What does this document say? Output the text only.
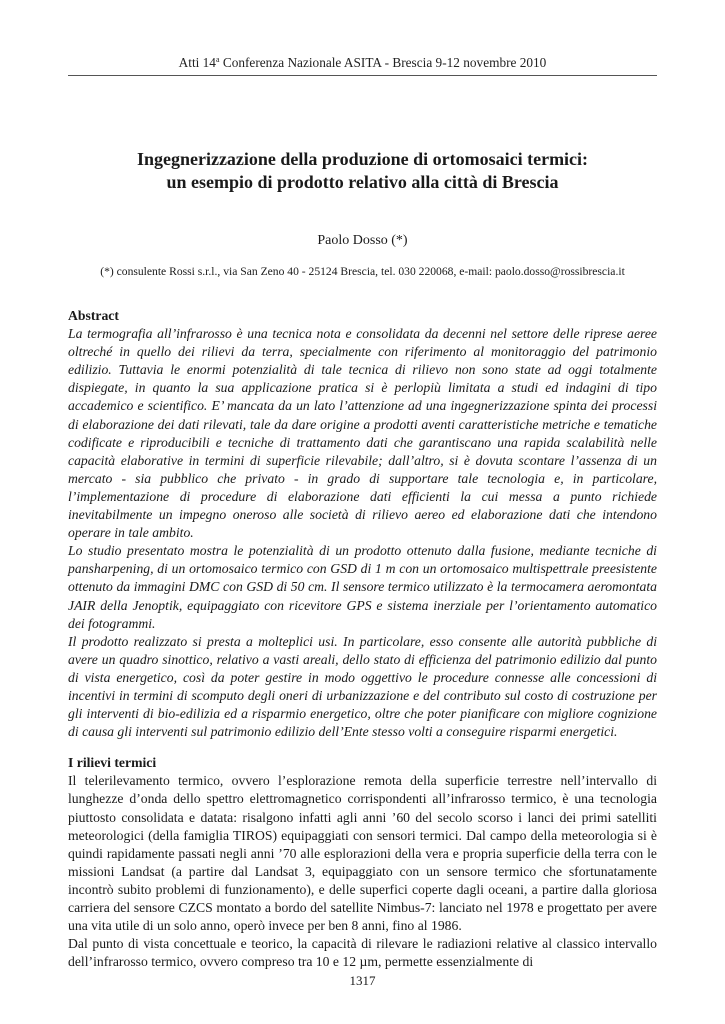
Atti 14$^a$ Conferenza Nazionale ASITA - Brescia 9-12 novembre 2010
Ingegnerizzazione della produzione di ortomosaici termici:
un esempio di prodotto relativo alla città di Brescia
Paolo Dosso (*)
(*) consulente Rossi s.r.l., via San Zeno 40 - 25124 Brescia, tel. 030 220068, e-mail: paolo.dosso@rossibrescia.it
Abstract

La termografia all’infrarosso è una tecnica nota e consolidata da decenni nel settore delle riprese aeree oltreché in quello dei rilievi da terra, specialmente con riferimento al monitoraggio del patrimonio edilizio. Tuttavia le enormi potenzialità di tale tecnica di rilievo non sono state ad oggi totalmente dispiegate, in quanto la sua applicazione pratica si è perlopiù limitata a studi ed indagini di tipo accademico e scientifico. E’ mancata da un lato l’attenzione ad una ingegnerizzazione spinta dei processi di elaborazione dei dati rilevati, tale da dare origine a prodotti aventi caratteristiche metriche e tematiche codificate e riproducibili e tecniche di trattamento dati che garantiscano una rapida scalabilità nelle capacità elaborative in termini di superficie rilevabile; dall’altro, si è dovuta scontare l’assenza di un mercato - sia pubblico che privato - in grado di supportare tale tecnologia e, in particolare, l’implementazione di procedure di elaborazione dati efficienti la cui messa a punto richiede inevitabilmente un impegno oneroso alle società di rilievo aereo ed elaborazione dati che intendono operare in tale ambito.

Lo studio presentato mostra le potenzialità di un prodotto ottenuto dalla fusione, mediante tecniche di pansharpening, di un ortomosaico termico con GSD di 1 m con un ortomosaico multispettrale preesistente ottenuto da immagini DMC con GSD di 50 cm. Il sensore termico utilizzato è la termocamera aeromontata JAIR della Jenoptik, equipaggiato con ricevitore GPS e sistema inerziale per l’orientamento automatico dei fotogrammi.

Il prodotto realizzato si presta a molteplici usi. In particolare, esso consente alle autorità pubbliche di avere un quadro sinottico, relativo a vasti areali, dello stato di efficienza del patrimonio edilizio dal punto di vista energetico, così da poter gestire in modo oggettivo le procedure connesse alle concessioni di incentivi in termini di scomputo degli oneri di urbanizzazione e del contributo sul costo di costruzione per gli interventi di bio-edilizia ed a risparmio energetico, oltre che poter pianificare con migliore cognizione di causa gli interventi sul patrimonio edilizio dell’Ente stesso volti a conseguire risparmi energetici.

I rilievi termici

Il telerilevamento termico, ovvero l’esplorazione remota della superficie terrestre nell’intervallo di lunghezze d’onda dello spettro elettromagnetico corrispondenti all’infrarosso termico, è una tecnologia piuttosto consolidata e datata: risalgono infatti agli anni ’60 del secolo scorso i lanci dei primi satelliti meteorologici (della famiglia TIROS) equipaggiati con sensori termici. Dal campo della meteorologia si è quindi rapidamente passati negli anni ’70 alle esplorazioni della vera e propria superficie della terra con le missioni Landsat (a partire dal Landsat 3, equipaggiato con un sensore termico che sfortunatamente incontrò subito problemi di funzionamento), e delle superfici coperte dagli oceani, a partire dalla gloriosa carriera del sensore CZCS montato a bordo del satellite Nimbus-7: lanciato nel 1978 e progettato per avere una vita utile di un solo anno, operò invece per ben 8 anni, fino al 1986.

Dal punto di vista concettuale e teorico, la capacità di rilevare le radiazioni relative al classico intervallo dell’infrarosso termico, ovvero compreso tra 10 e 12 µm, permette essenzialmente di

1317
